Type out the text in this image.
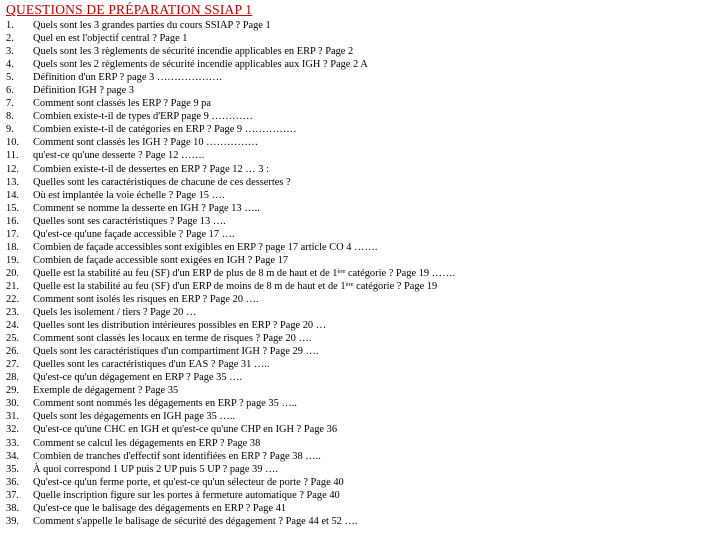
QUESTIONS DE PRÉPARATION SSIAP 1
1.	Quels sont les 3 grandes parties du cours SSIAP ? Page 1
2.	Quel en est l'objectif central ? Page 1
3.	Quels sont les 3 règlements de sécurité incendie applicables en ERP ? Page 2
4.	Quels sont les 2 règlements de sécurité incendie applicables aux IGH ? Page 2 A
5.	Définition d'un ERP ? page 3 ……………….
6.	Définition IGH ? page 3
7.	Comment sont classés les ERP ? Page 9 pa
8.	Combien existe-t-il de types d'ERP page 9 …………
9.	Combien existe-t-il de catégories en ERP ? Page 9 ……………
10.	Comment sont classés les IGH ? Page 10 ……………
11.	qu'est-ce qu'une desserte ? Page 12 …….
12.	Combien existe-t-il de dessertes en ERP ? Page 12 … 3 :
13.	Quelles sont les caractéristiques de chacune de ces dessertes ?
14.	Où est implantée la voie échelle ? Page 15 ….
15.	Comment se nomme la desserte en IGH ? Page 13 …..
16.	Quelles sont ses caractéristiques ? Page 13 ….
17.	Qu'est-ce qu'une façade accessible ? Page 17 ….
18.	Combien de façade accessibles sont exigibles en ERP ? page 17 article CO 4 …….
19.	Combien de façade accessible sont exigées en IGH ? Page 17
20.	Quelle est la stabilité au feu (SF) d'un ERP de plus de 8 m de haut et de 1ère catégorie ? Page 19 …….
21.	Quelle est la stabilité au feu (SF) d'un ERP de moins de 8 m de haut et de 1ère catégorie ? Page 19
22.	Comment sont isolés les risques en ERP ? Page 20 ….
23.	Quels les isolement / tiers ? Page 20 …
24.	Quelles sont les distribution intérieures possibles en ERP ? Page 20 …
25.	Comment sont classés les locaux en terme de risques ? Page 20 ….
26.	Quels sont les caractéristiques d'un compartiment IGH ? Page 29 ….
27.	Quelles sont les caractéristiques d'un EAS ? Page 31 …..
28.	Qu'est-ce qu'un dégagement en ERP ? Page 35 ….
29.	Exemple de dégagement ? Page 35
30.	Comment sont nommés les dégagements en ERP ? page 35 …..
31.	Quels sont les dégagements en IGH page 35 …..
32.	Qu'est-ce qu'une CHC en IGH et qu'est-ce qu'une CHP en IGH ? Page 36
33.	Comment se calcul les dégagements en ERP ? Page 38
34.	Combien de tranches d'effectif sont identifiées en ERP ? Page 38 …..
35.	À quoi correspond 1 UP puis 2 UP puis 5 UP ? page 39 ….
36.	Qu'est-ce qu'un ferme porte, et qu'est-ce qu'un sélecteur de porte ? Page 40
37.	Quelle inscription figure sur les portes à fermeture automatique ? Page 40
38.	Qu'est-ce que le balisage des dégagements en ERP ? Page 41
39.	Comment s'appelle le balisage de sécurité des dégagement ? Page 44 et 52 ….
